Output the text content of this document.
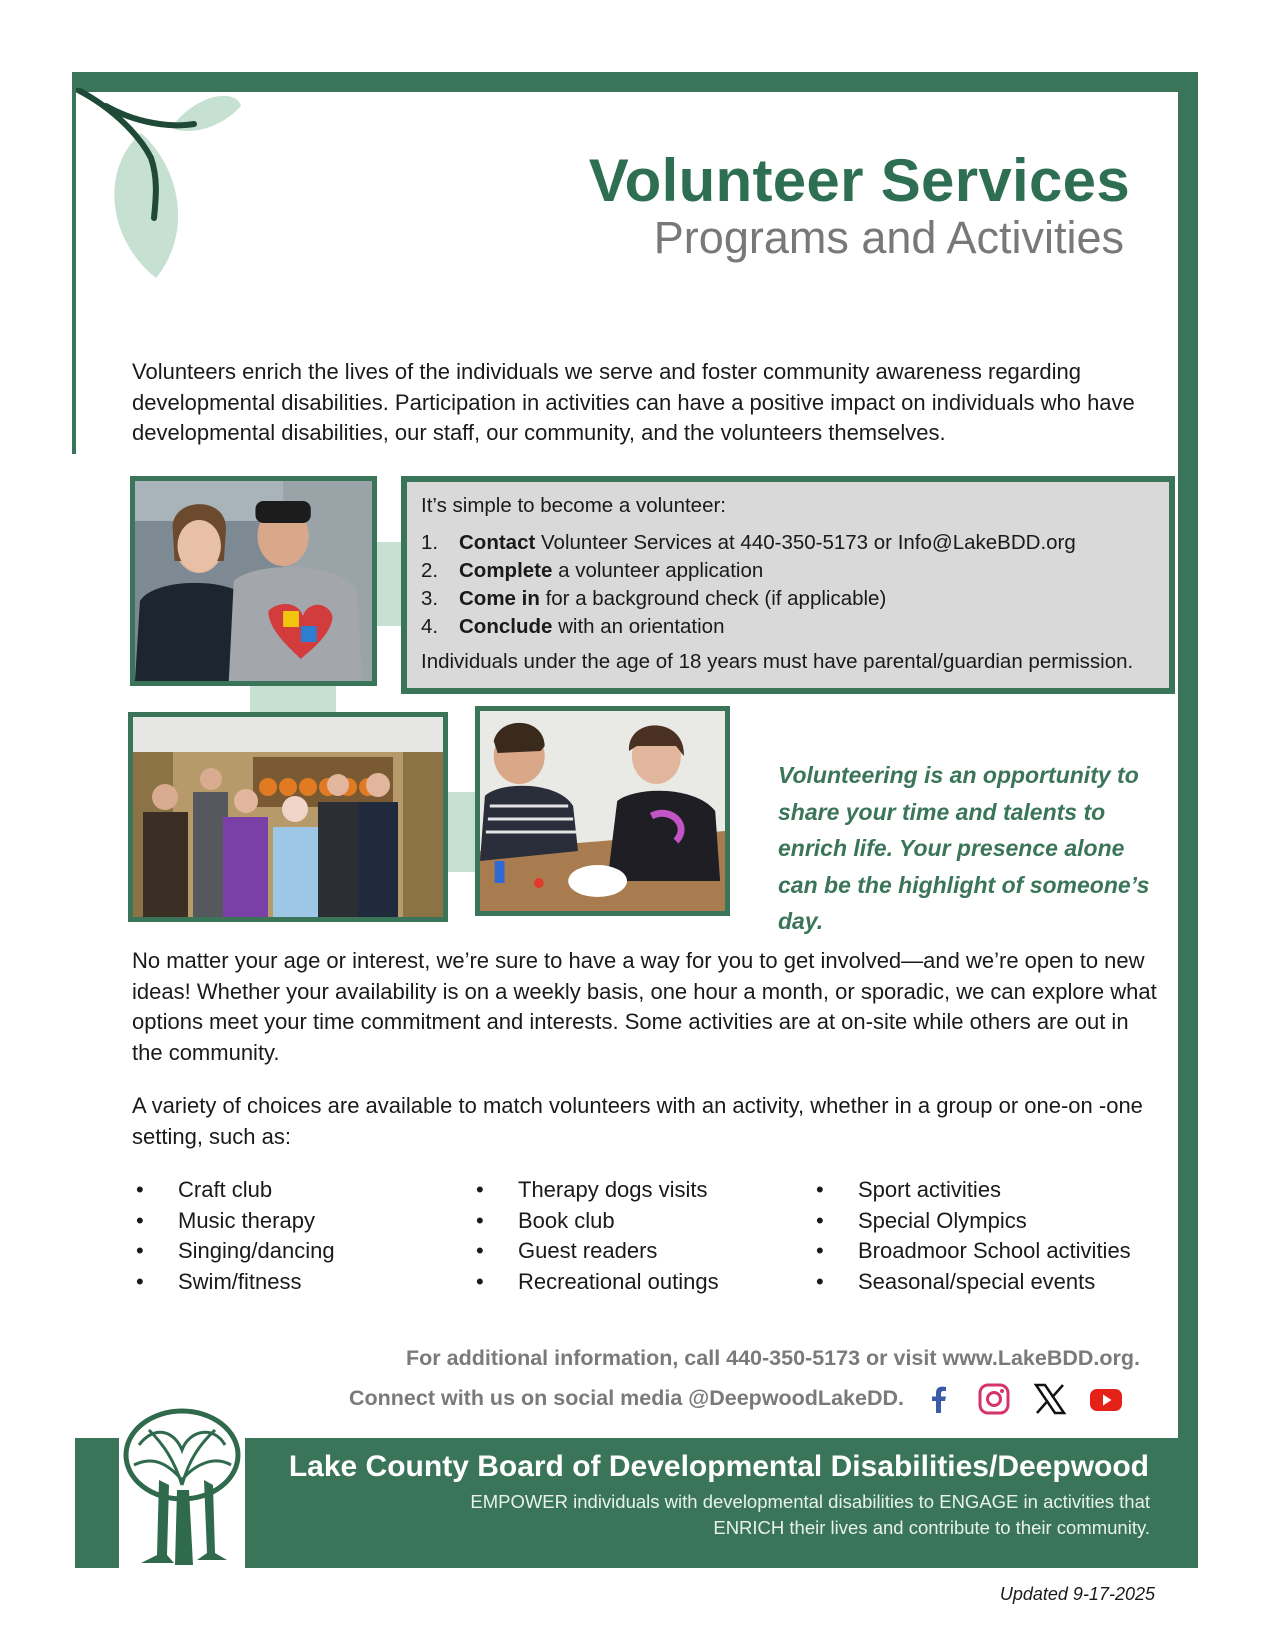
Volunteer Services
Programs and Activities
Volunteers enrich the lives of the individuals we serve and foster community awareness regarding developmental disabilities. Participation in activities can have a positive impact on individuals who have developmental disabilities, our staff, our community, and the volunteers themselves.
It’s simple to become a volunteer:
1.	Contact Volunteer Services at 440-350-5173 or Info@LakeBDD.org
2.	Complete a volunteer application
3.	Come in for a background check (if applicable)
4.	Conclude with an orientation
Individuals under the age of 18 years must have parental/guardian permission.
Volunteering is an opportunity to share your time and talents to enrich life. Your presence alone can be the highlight of someone’s day.
No matter your age or interest, we’re sure to have a way for you to get involved—and we’re open to new ideas! Whether your availability is on a weekly basis, one hour a month, or sporadic, we can explore what options meet your time commitment and interests. Some activities are at on-site while others are out in the community.
A variety of choices are available to match volunteers with an activity, whether in a group or one-on -one setting, such as:
•	Craft club
•	Music therapy
•	Singing/dancing
•	Swim/fitness
•	Therapy dogs visits
•	Book club
•	Guest readers
•	Recreational outings
•	Sport activities
•	Special Olympics
•	Broadmoor School activities
•	Seasonal/special events
For additional information, call 440-350-5173 or visit www.LakeBDD.org.
Connect with us on social media @DeepwoodLakeDD.
Lake County Board of Developmental Disabilities/Deepwood
EMPOWER individuals with developmental disabilities to ENGAGE in activities that ENRICH their lives and contribute to their community.
Updated 9-17-2025
